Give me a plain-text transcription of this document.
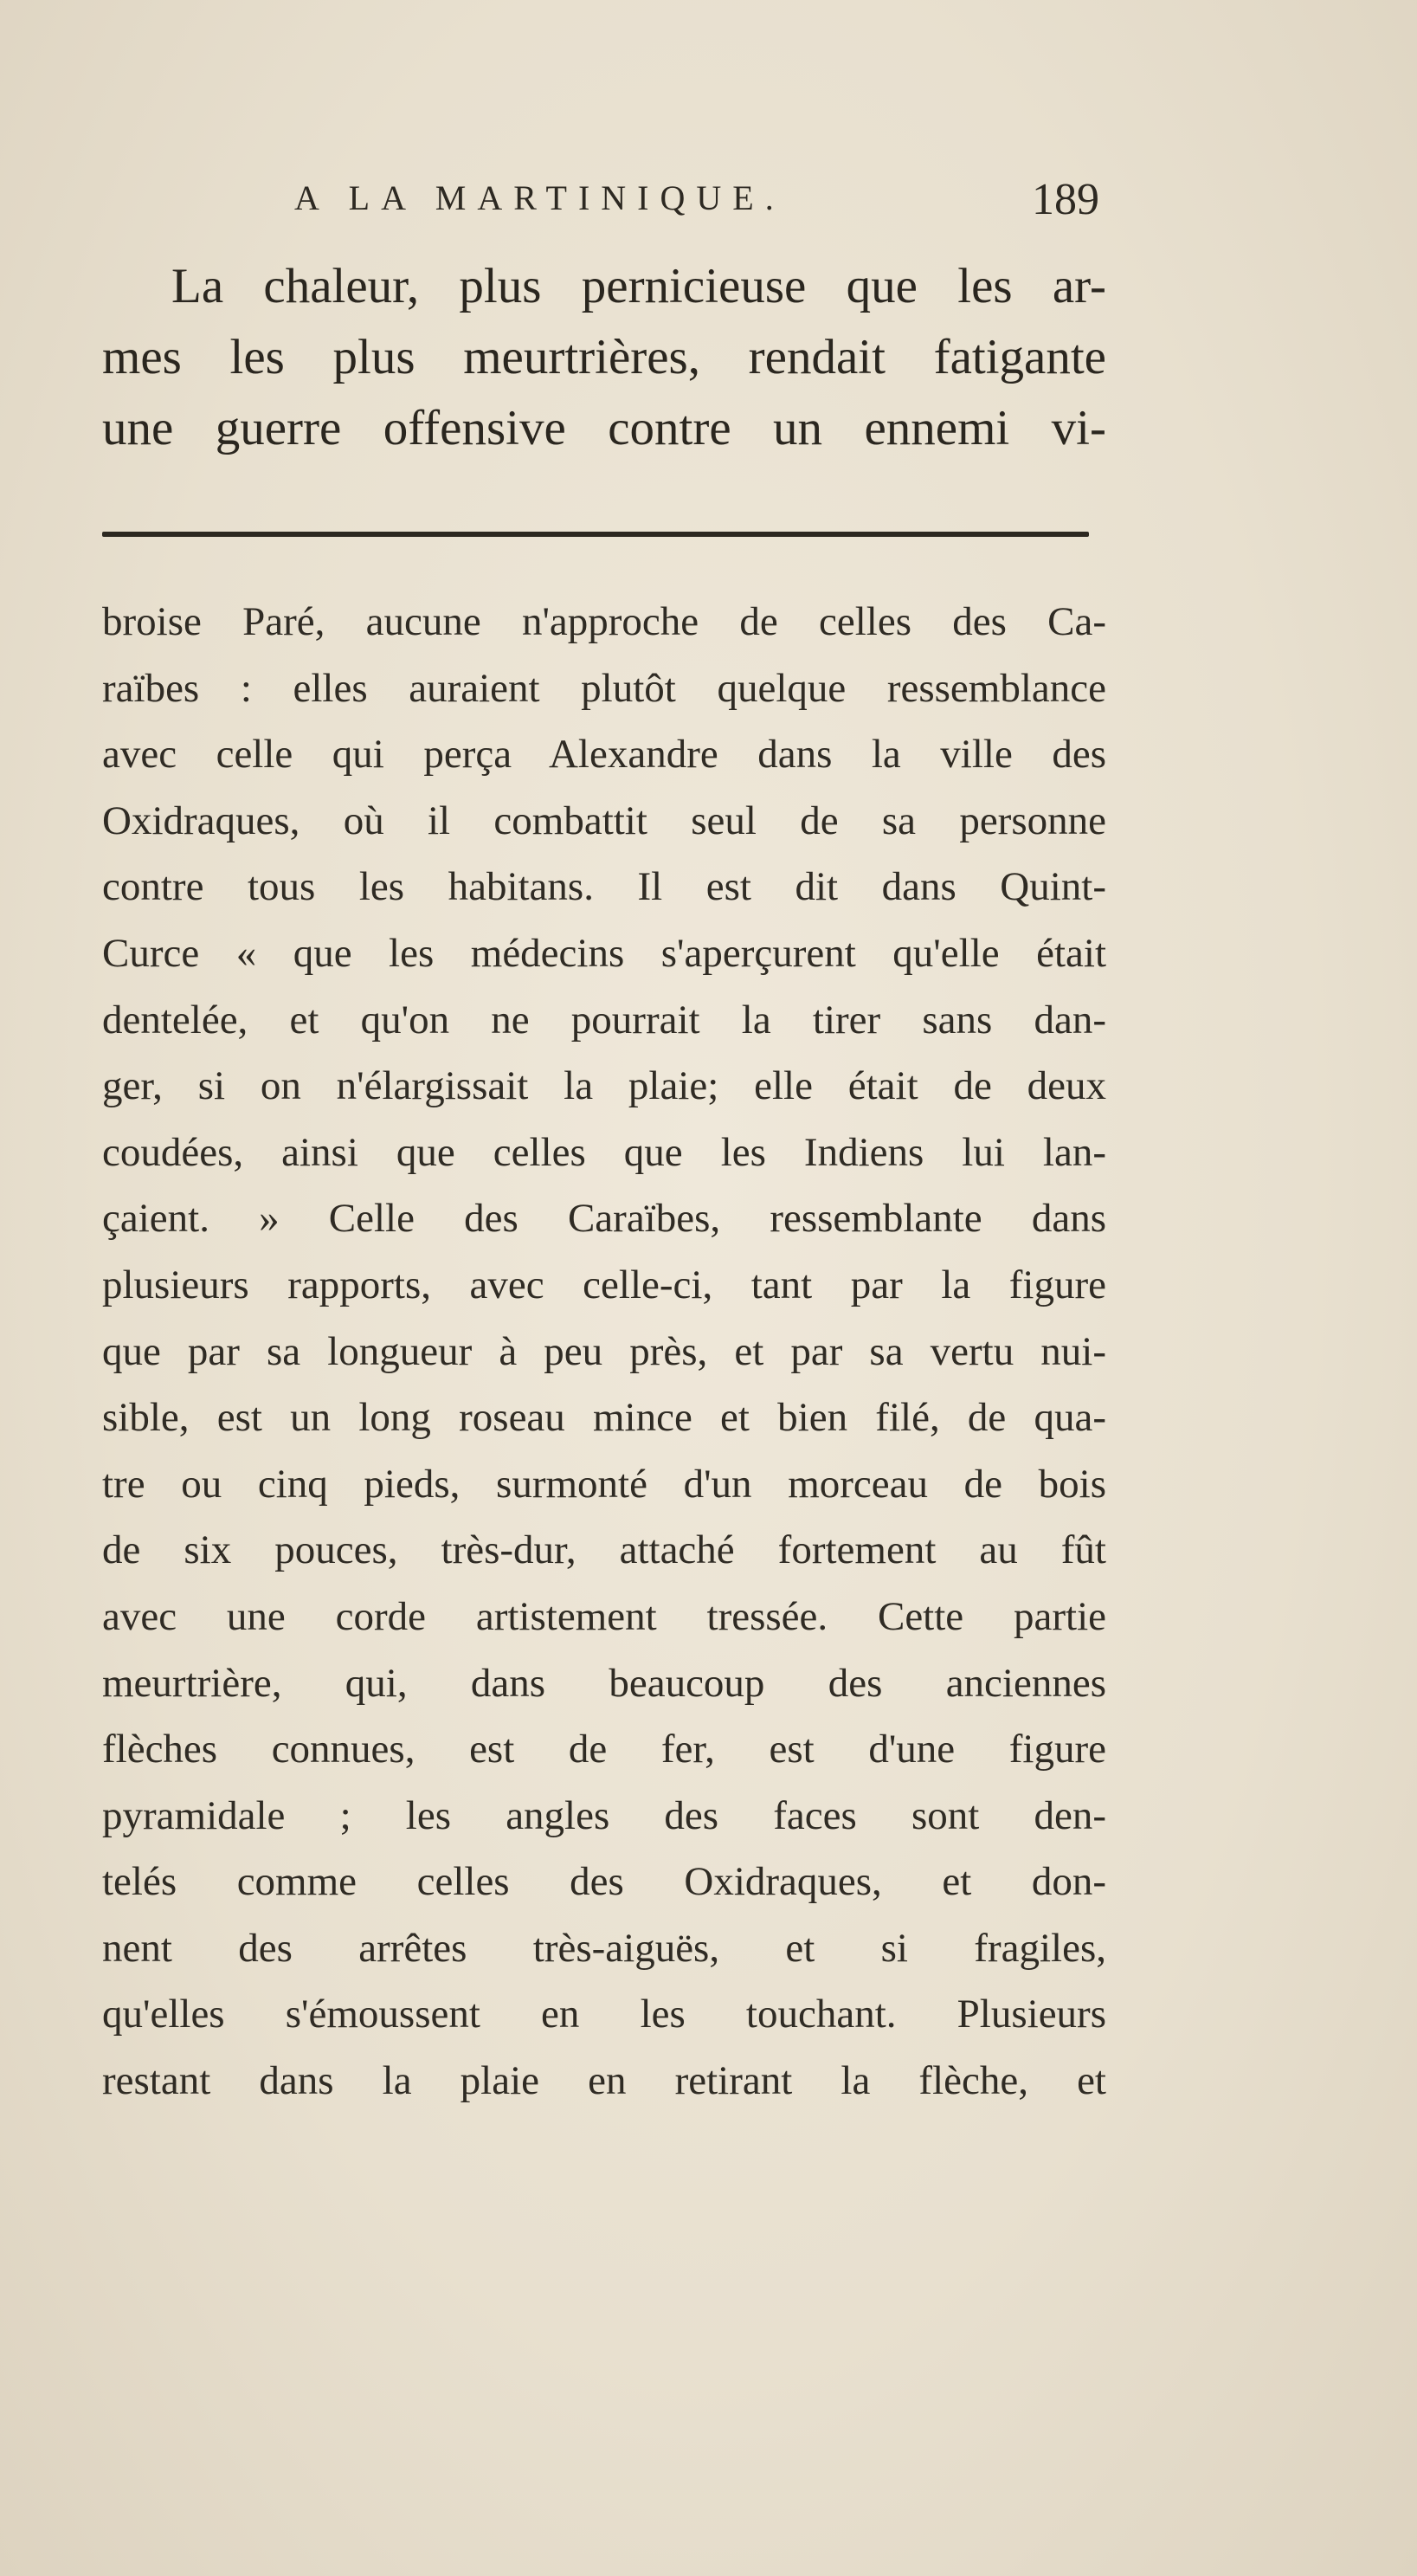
A LA MARTINIQUE.	189
La chaleur, plus pernicieuse que les ar-
mes les plus meurtrières, rendait fatigante
une guerre offensive contre un ennemi vi-
broise Paré, aucune n'approche de celles des Ca-
raïbes : elles auraient plutôt quelque ressemblance
avec celle qui perça Alexandre dans la ville des
Oxidraques, où il combattit seul de sa personne
contre tous les habitans. Il est dit dans Quint-
Curce « que les médecins s'aperçurent qu'elle était
dentelée, et qu'on ne pourrait la tirer sans dan-
ger, si on n'élargissait la plaie; elle était de deux
coudées, ainsi que celles que les Indiens lui lan-
çaient. » Celle des Caraïbes, ressemblante dans
plusieurs rapports, avec celle-ci, tant par la figure
que par sa longueur à peu près, et par sa vertu nui-
sible, est un long roseau mince et bien filé, de qua-
tre ou cinq pieds, surmonté d'un morceau de bois
de six pouces, très-dur, attaché fortement au fût
avec une corde artistement tressée. Cette partie
meurtrière, qui, dans beaucoup des anciennes
flèches connues, est de fer, est d'une figure
pyramidale ; les angles des faces sont den-
telés comme celles des Oxidraques, et don-
nent des arrêtes très-aiguës, et si fragiles,
qu'elles s'émoussent en les touchant. Plusieurs
restant dans la plaie en retirant la flèche, et
